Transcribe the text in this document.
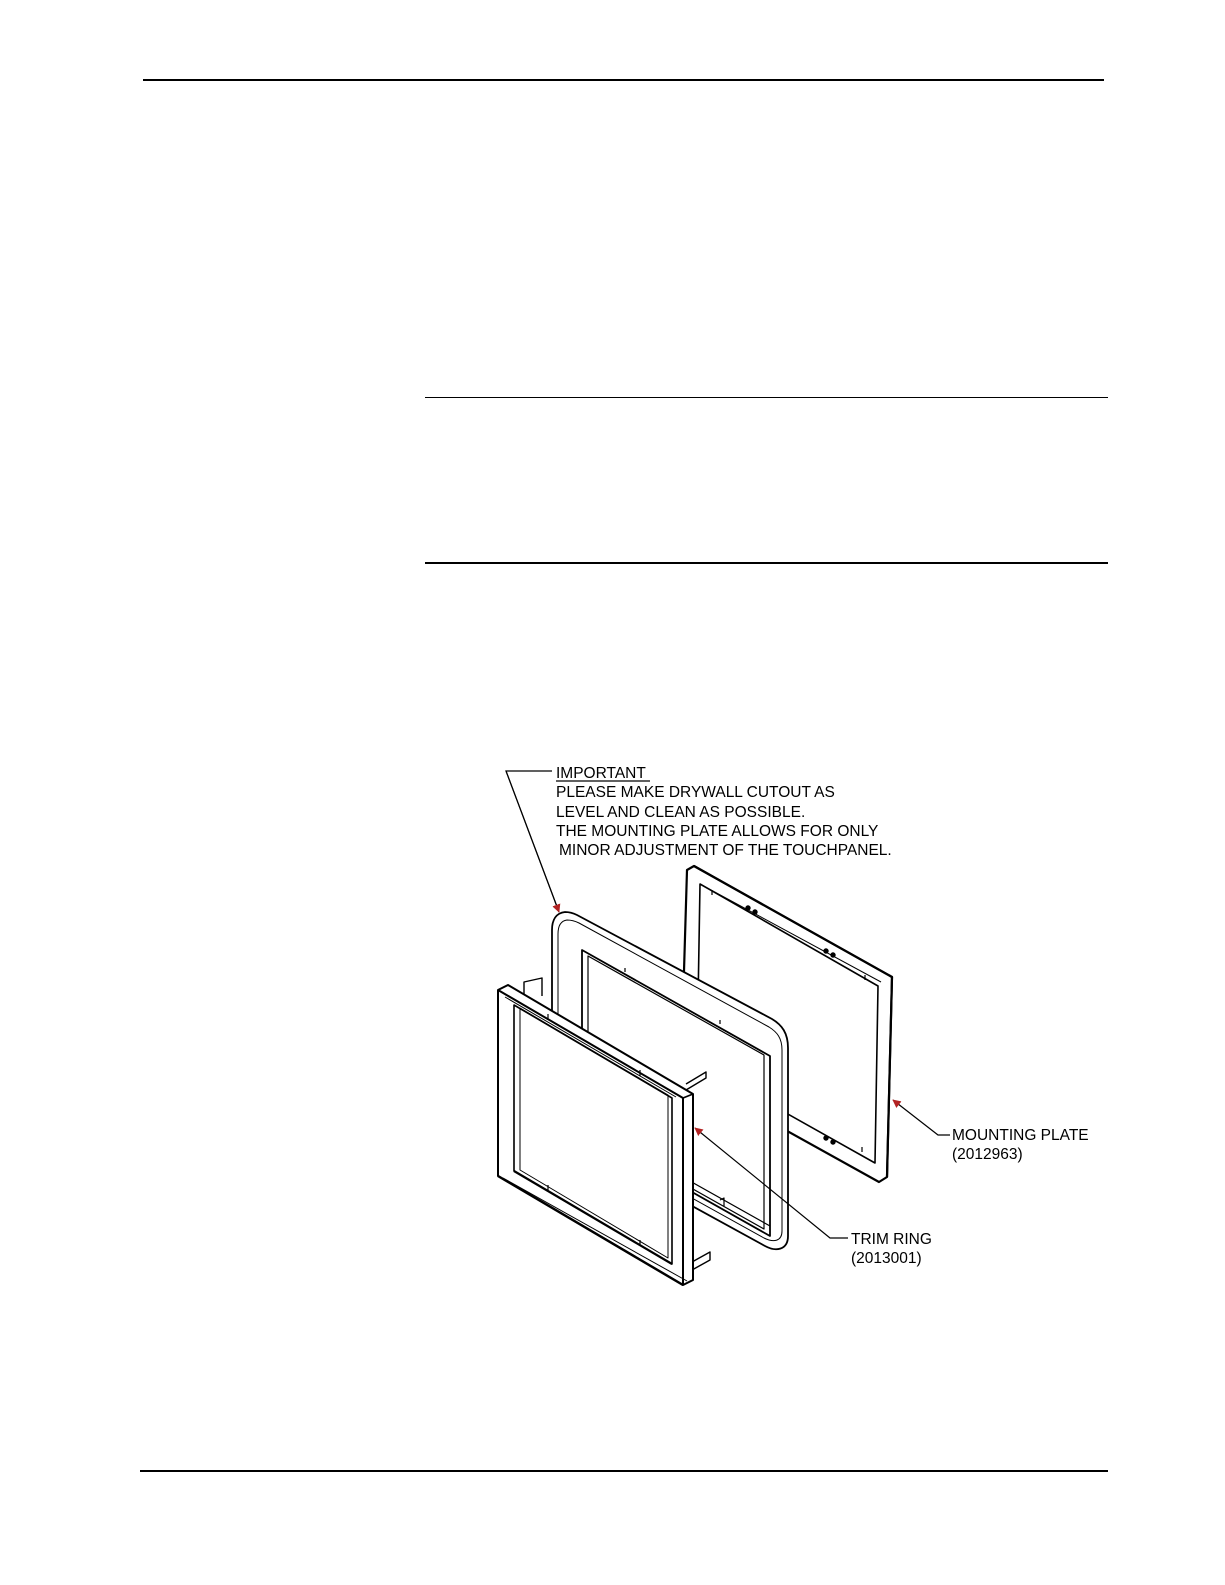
IMPORTANT
PLEASE MAKE DRYWALL CUTOUT AS
LEVEL AND CLEAN AS POSSIBLE.
THE MOUNTING PLATE ALLOWS FOR ONLY
MINOR ADJUSTMENT OF THE TOUCHPANEL.
MOUNTING PLATE
(2012963)
TRIM RING
(2013001)
